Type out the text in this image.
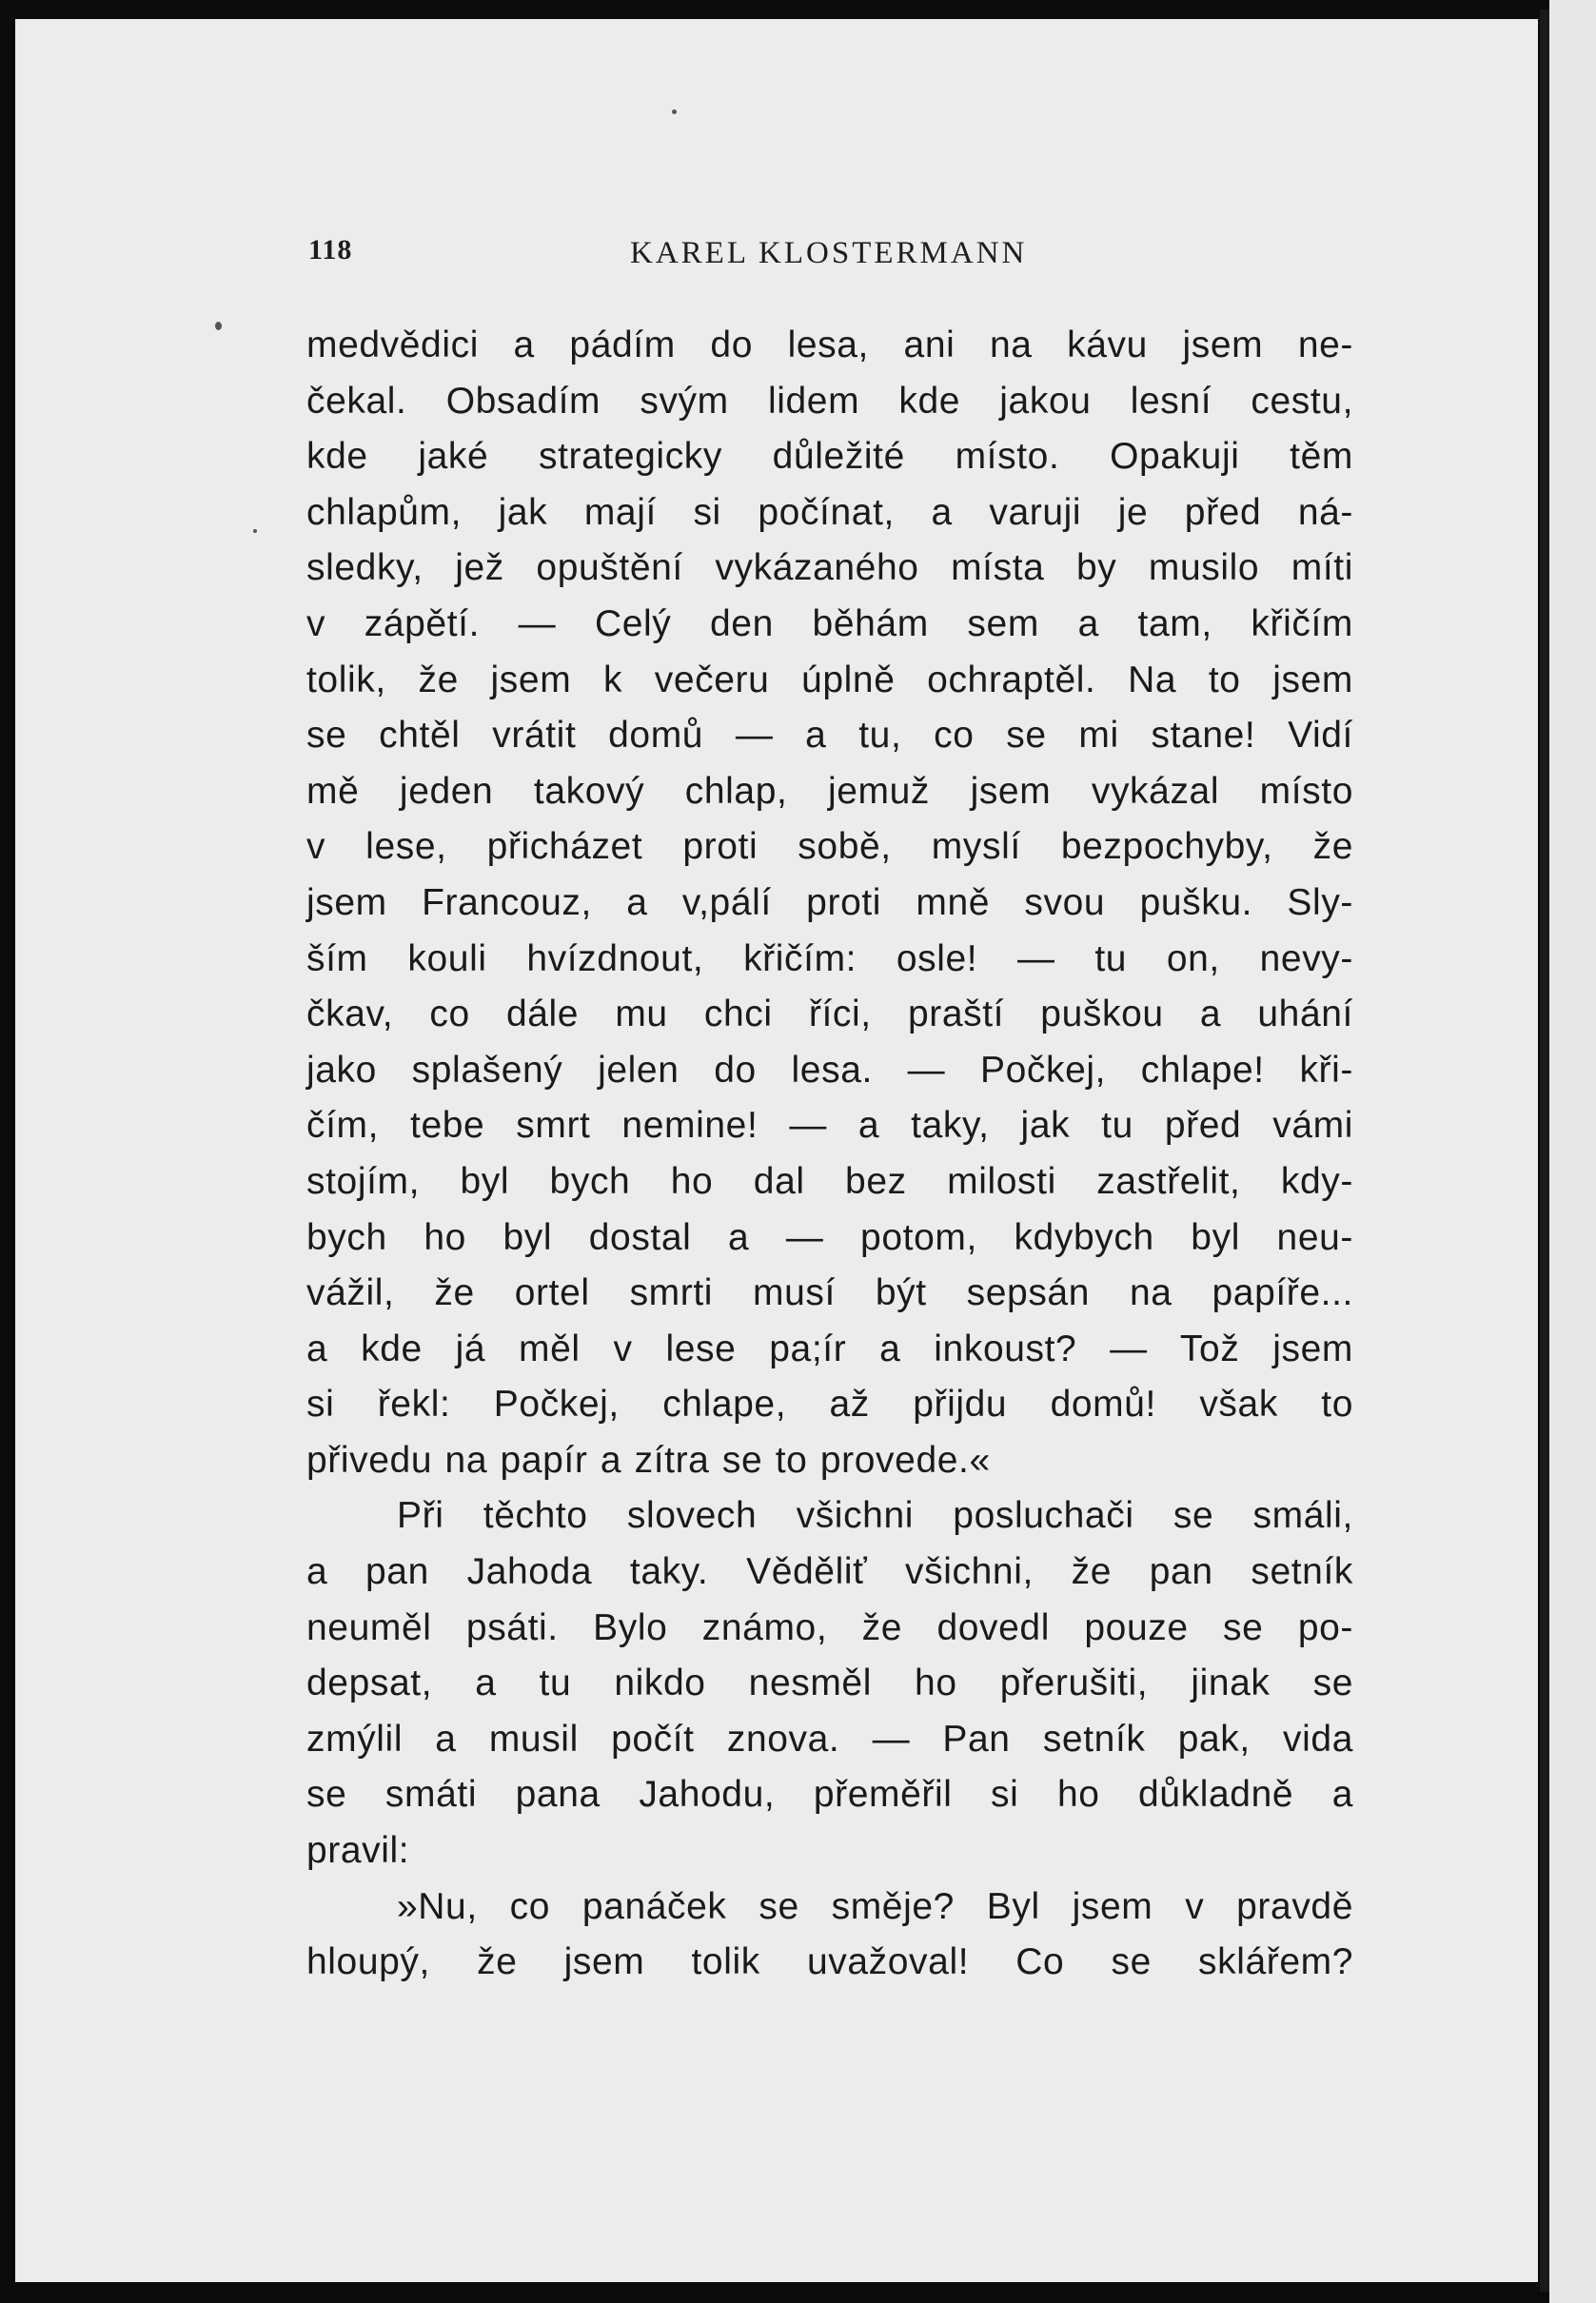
118	KAREL KLOSTERMANN
medvědici a pádím do lesa, ani na kávu jsem ne-
čekal. Obsadím svým lidem kde jakou lesní cestu,
kde jaké strategicky důležité místo. Opakuji těm
chlapům, jak mají si počínat, a varuji je před ná-
sledky, jež opuštění vykázaného místa by musilo míti
v zápětí. — Celý den běhám sem a tam, křičím
tolik, že jsem k večeru úplně ochraptěl. Na to jsem
se chtěl vrátit domů — a tu, co se mi stane! Vidí
mě jeden takový chlap, jemuž jsem vykázal místo
v lese, přicházet proti sobě, myslí bezpochyby, že
jsem Francouz, a v,pálí proti mně svou pušku. Sly-
ším kouli hvízdnout, křičím: osle! — tu on, nevy-
čkav, co dále mu chci říci, praští puškou a uhání
jako splašený jelen do lesa. — Počkej, chlape! kři-
čím, tebe smrt nemine! — a taky, jak tu před vámi
stojím, byl bych ho dal bez milosti zastřelit, kdy-
bych ho byl dostal a — potom, kdybych byl neu-
vážil, že ortel smrti musí být sepsán na papíře...
a kde já měl v lese pa;ír a inkoust? — Tož jsem
si řekl: Počkej, chlape, až přijdu domů! však to
přivedu na papír a zítra se to provede.«
Při těchto slovech všichni posluchači se smáli,
a pan Jahoda taky. Věděliť všichni, že pan setník
neuměl psáti. Bylo známo, že dovedl pouze se po-
depsat, a tu nikdo nesměl ho přerušiti, jinak se
zmýlil a musil počít znova. — Pan setník pak, vida
se smáti pana Jahodu, přeměřil si ho důkladně a
pravil:
»Nu, co panáček se směje? Byl jsem v pravdě
hloupý, že jsem tolik uvažoval! Co se sklářem?
